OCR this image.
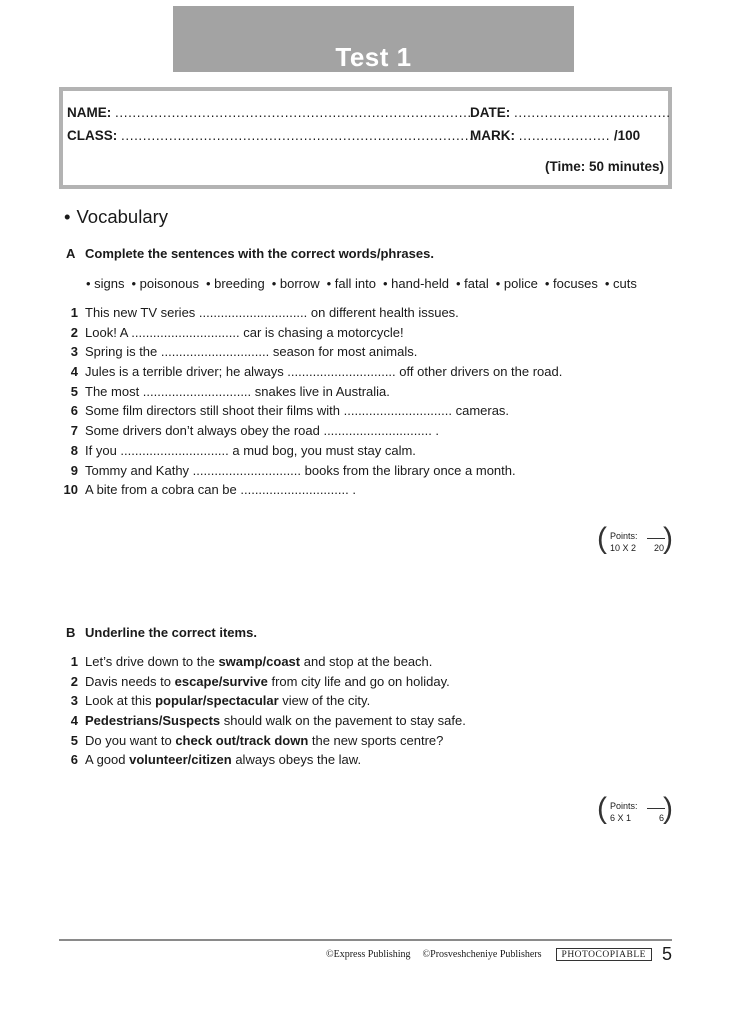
Test 1
NAME: ..................................................................................
DATE: ....................................
CLASS: ..................................................................................
MARK: ..................... /100
(Time: 50 minutes)
• Vocabulary
A Complete the sentences with the correct words/phrases.
• signs • poisonous • breeding • borrow • fall into • hand-held • fatal • police • focuses • cuts
1 This new TV series .............................. on different health issues.
2 Look! A .............................. car is chasing a motorcycle!
3 Spring is the .............................. season for most animals.
4 Jules is a terrible driver; he always .............................. off other drivers on the road.
5 The most .............................. snakes live in Australia.
6 Some film directors still shoot their films with .............................. cameras.
7 Some drivers don’t always obey the road .............................. .
8 If you .............................. a mud bog, you must stay calm.
9 Tommy and Kathy .............................. books from the library once a month.
10 A bite from a cobra can be .............................. .
( Points:
10 X 2 20 )
B Underline the correct items.
1 Let’s drive down to the swamp/coast and stop at the beach.
2 Davis needs to escape/survive from city life and go on holiday.
3 Look at this popular/spectacular view of the city.
4 Pedestrians/Suspects should walk on the pavement to stay safe.
5 Do you want to check out/track down the new sports centre?
6 A good volunteer/citizen always obeys the law.
( Points:
6 X 1	6 )
©Express Publishing ©Prosveshcheniye Publishers	PHOTOCOPIABLE 5
